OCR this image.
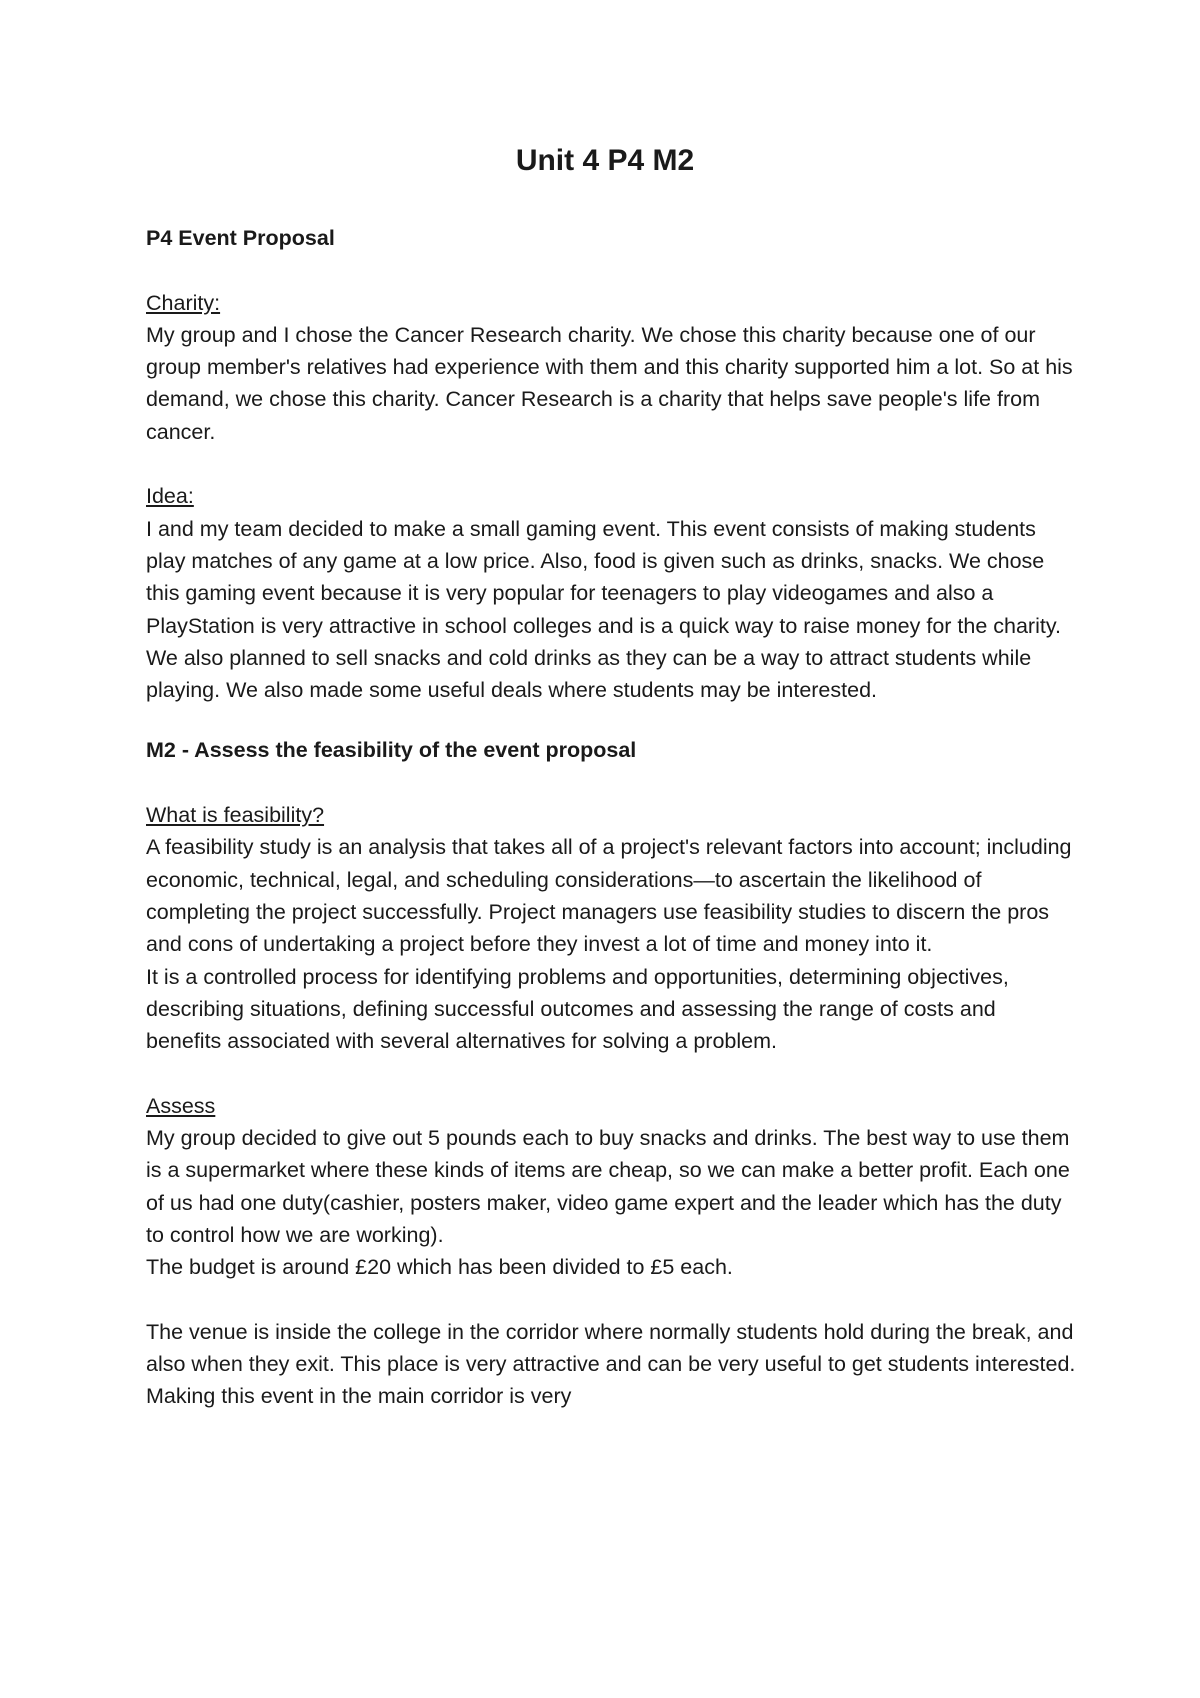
Unit 4 P4 M2

P4 Event Proposal

Charity:

My group and I chose the Cancer Research charity. We chose this charity because one of our group member's relatives had experience with them and this charity supported him a lot. So at his demand, we chose this charity. Cancer Research is a charity that helps save people's life from cancer.

Idea:

I and my team decided to make a small gaming event. This event consists of making students play matches of any game at a low price. Also, food is given such as drinks, snacks. We chose this gaming event because it is very popular for teenagers to play videogames and also a PlayStation is very attractive in school colleges and is a quick way to raise money for the charity.

We also planned to sell snacks and cold drinks as they can be a way to attract students while playing. We also made some useful deals where students may be interested.

M2 - Assess the feasibility of the event proposal

What is feasibility?

A feasibility study is an analysis that takes all of a project's relevant factors into account; including economic, technical, legal, and scheduling considerations—to ascertain the likelihood of completing the project successfully. Project managers use feasibility studies to discern the pros and cons of undertaking a project before they invest a lot of time and money into it.

It is a controlled process for identifying problems and opportunities, determining objectives, describing situations, defining successful outcomes and assessing the range of costs and benefits associated with several alternatives for solving a problem.

Assess

My group decided to give out 5 pounds each to buy snacks and drinks. The best way to use them is a supermarket where these kinds of items are cheap, so we can make a better profit. Each one of us had one duty(cashier, posters maker, video game expert and the leader which has the duty to control how we are working).

The budget is around £20 which has been divided to £5 each.

The venue is inside the college in the corridor where normally students hold during the break, and also when they exit. This place is very attractive and can be very useful to get students interested. Making this event in the main corridor is very
